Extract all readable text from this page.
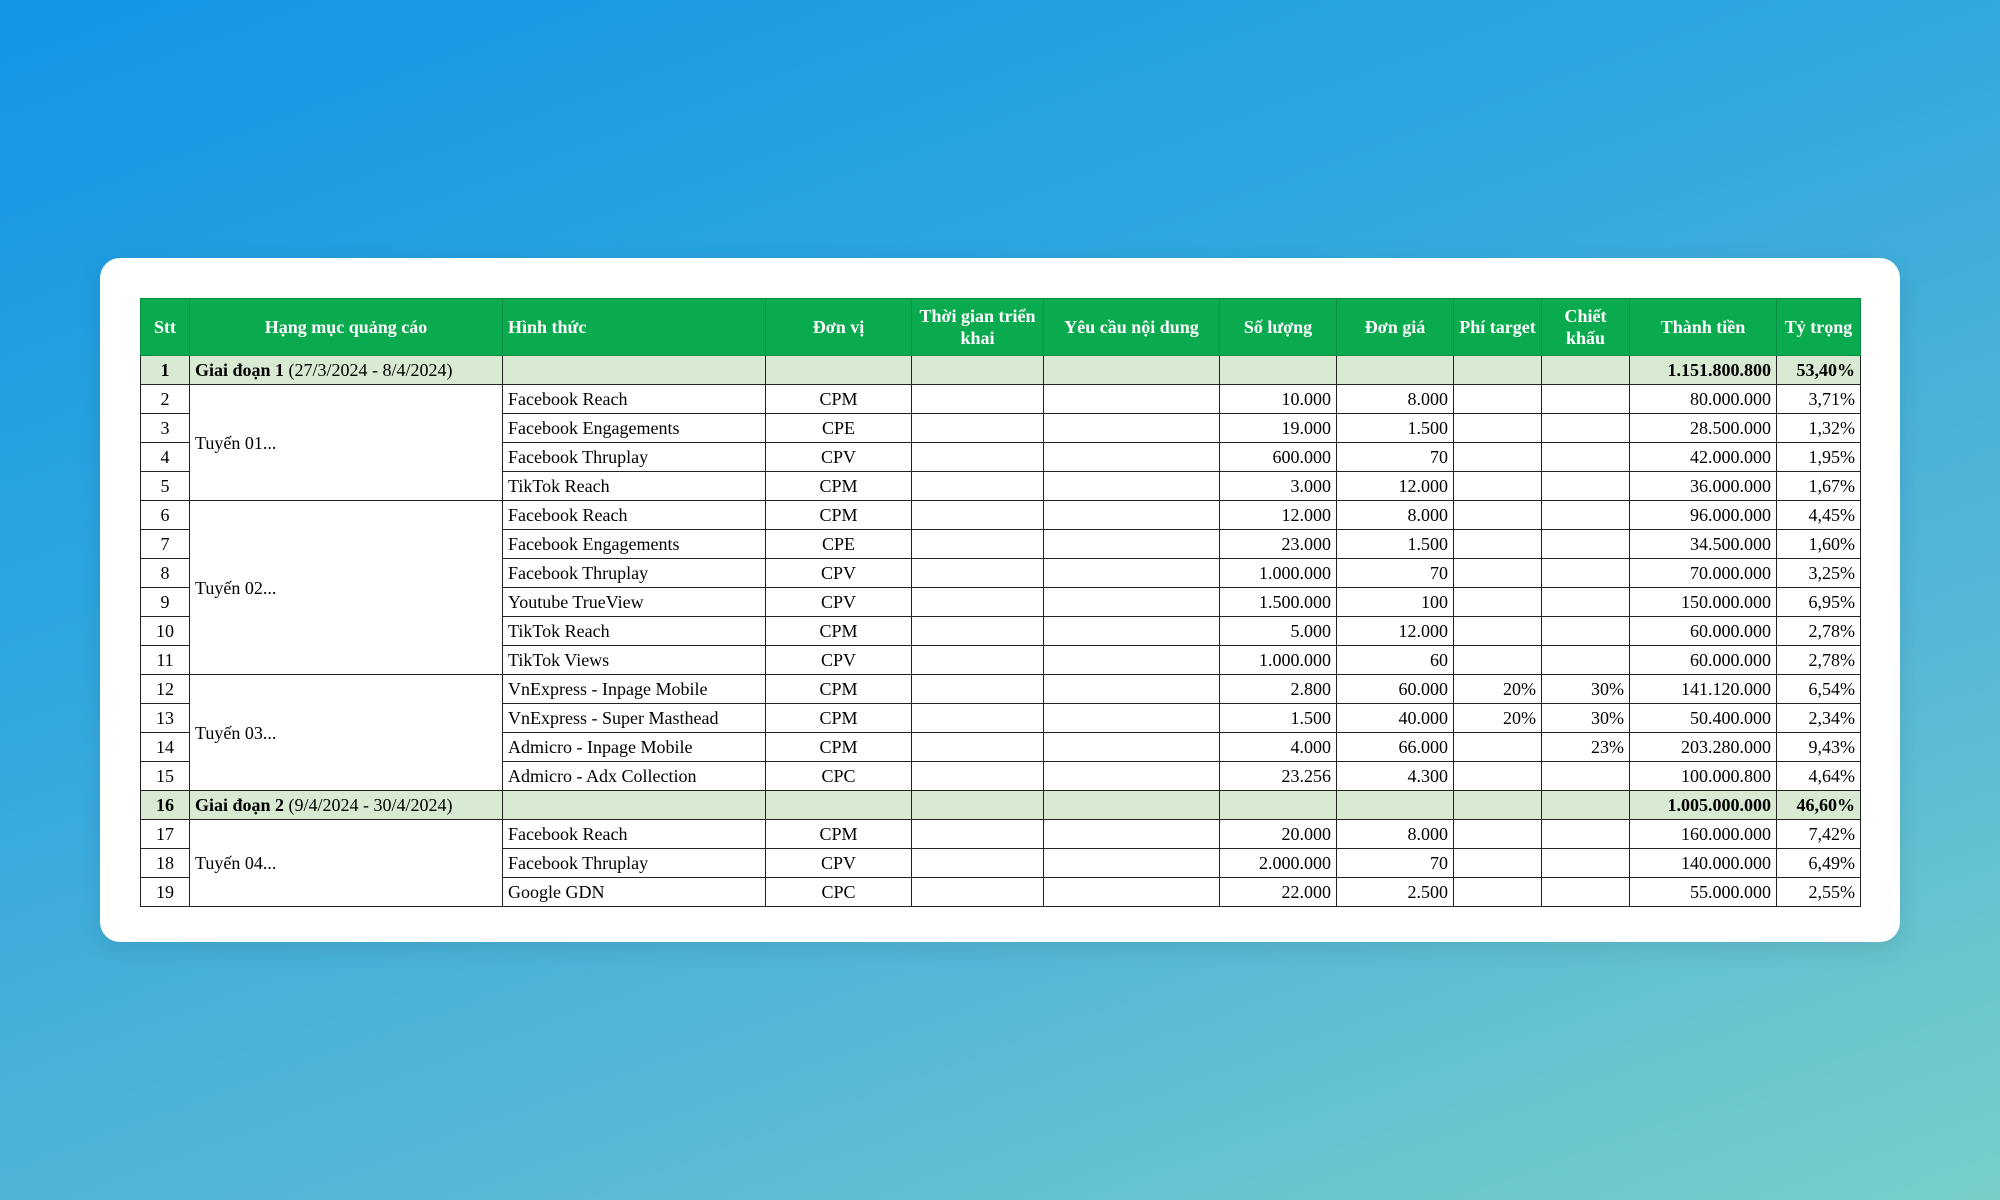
Stt	Hạng mục quảng cáo	Hình thức	Đơn vị	Thời gian triển khai	Yêu cầu nội dung	Số lượng	Đơn giá	Phí target	Chiết khấu	Thành tiền	Tỷ trọng
1	Giai đoạn 1 (27/3/2024 - 8/4/2024)									1.151.800.800	53,40%
2	Tuyến 01...	Facebook Reach	CPM			10.000	8.000			80.000.000	3,71%
3		Facebook Engagements	CPE			19.000	1.500			28.500.000	1,32%
4		Facebook Thruplay	CPV			600.000	70			42.000.000	1,95%
5		TikTok Reach	CPM			3.000	12.000			36.000.000	1,67%
6	Tuyến 02...	Facebook Reach	CPM			12.000	8.000			96.000.000	4,45%
7		Facebook Engagements	CPE			23.000	1.500			34.500.000	1,60%
8		Facebook Thruplay	CPV			1.000.000	70			70.000.000	3,25%
9		Youtube TrueView	CPV			1.500.000	100			150.000.000	6,95%
10		TikTok Reach	CPM			5.000	12.000			60.000.000	2,78%
11		TikTok Views	CPV			1.000.000	60			60.000.000	2,78%
12	Tuyến 03...	VnExpress - Inpage Mobile	CPM			2.800	60.000	20%	30%	141.120.000	6,54%
13		VnExpress - Super Masthead	CPM			1.500	40.000	20%	30%	50.400.000	2,34%
14		Admicro - Inpage Mobile	CPM			4.000	66.000		23%	203.280.000	9,43%
15		Admicro - Adx Collection	CPC			23.256	4.300			100.000.800	4,64%
16	Giai đoạn 2 (9/4/2024 - 30/4/2024)									1.005.000.000	46,60%
17	Tuyến 04...	Facebook Reach	CPM			20.000	8.000			160.000.000	7,42%
18		Facebook Thruplay	CPV			2.000.000	70			140.000.000	6,49%
19		Google GDN	CPC			22.000	2.500			55.000.000	2,55%
